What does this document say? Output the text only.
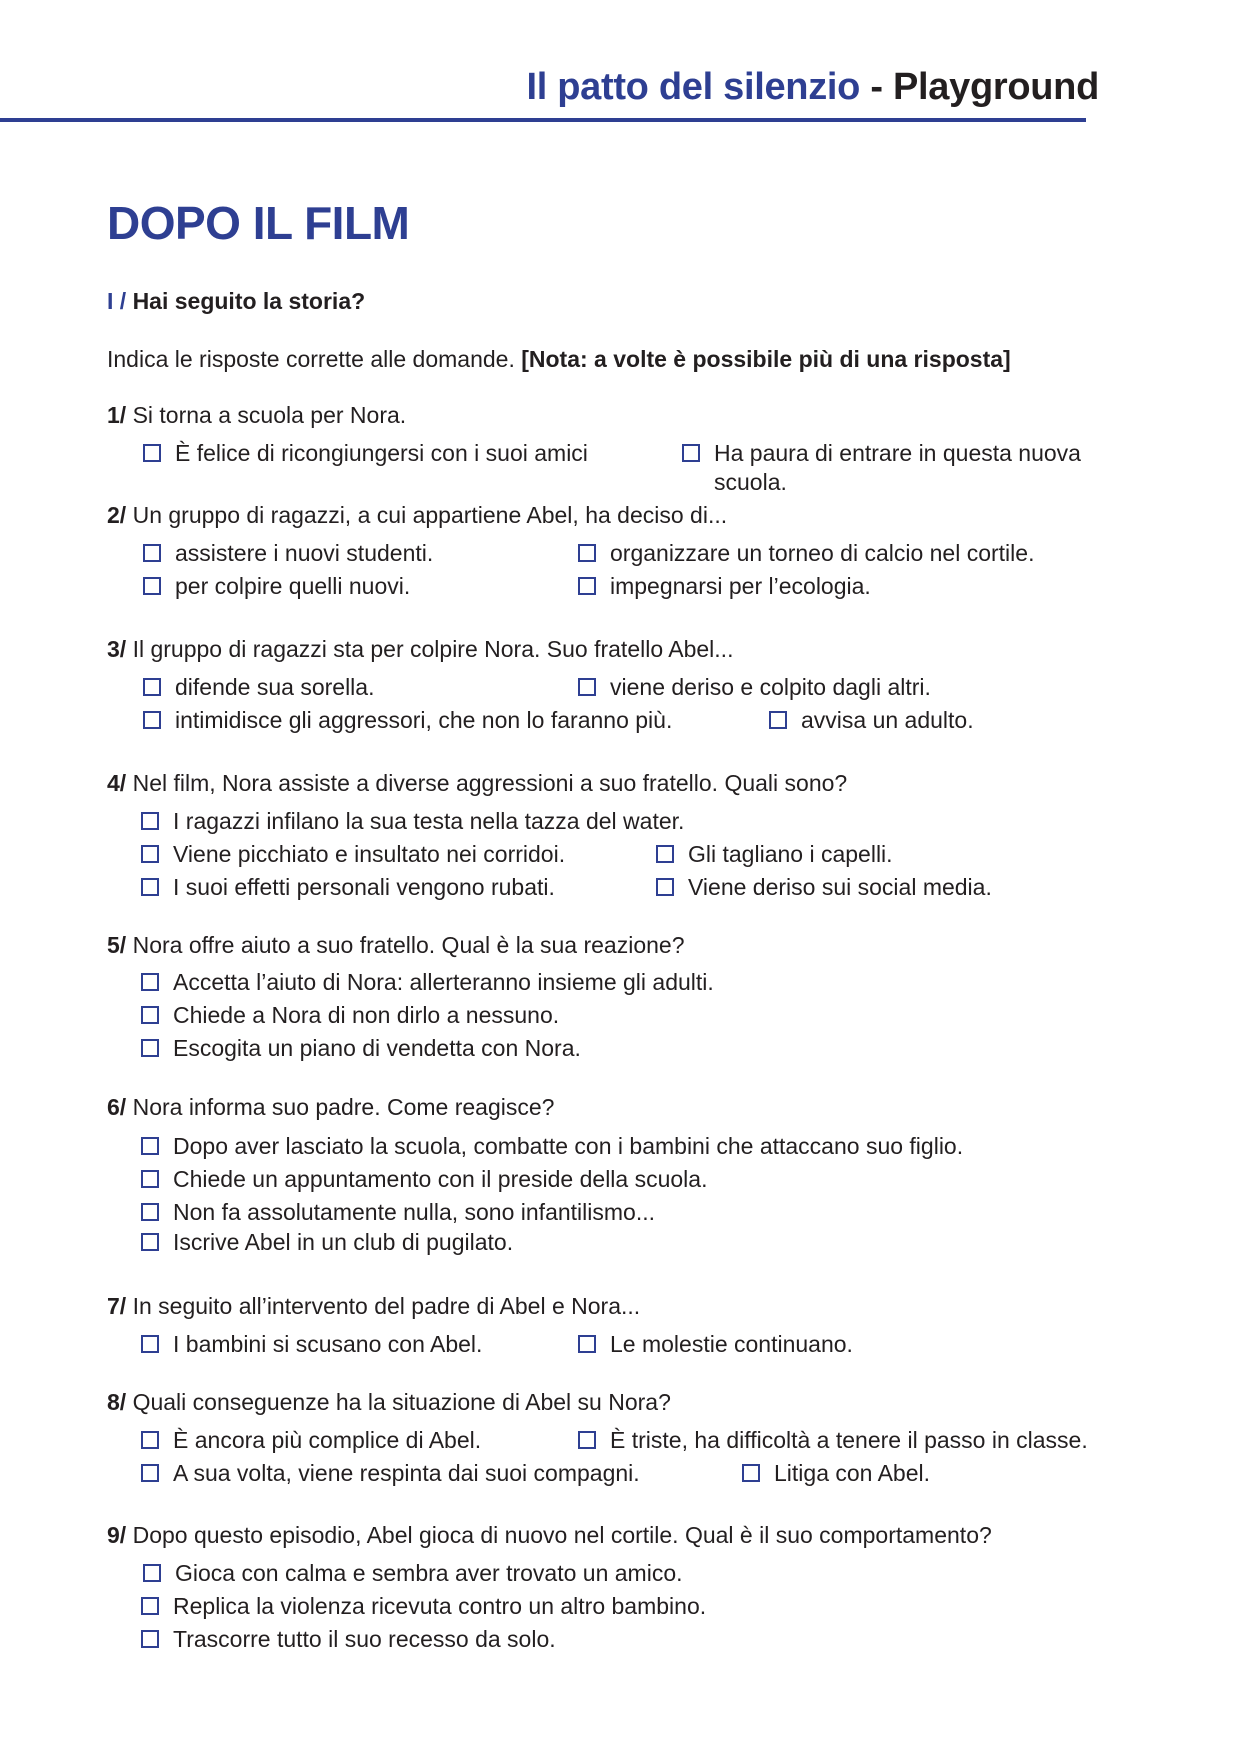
Il patto del silenzio - Playground
DOPO IL FILM
I / Hai seguito la storia?
Indica le risposte corrette alle domande. [Nota: a volte è possibile più di una risposta]
1/ Si torna a scuola per Nora.
È felice di ricongiungersi con i suoi amici	Ha paura di entrare in questa nuova scuola.
2/ Un gruppo di ragazzi, a cui appartiene Abel, ha deciso di...
assistere i nuovi studenti.	organizzare un torneo di calcio nel cortile.
per colpire quelli nuovi.	impegnarsi per l’ecologia.
3/ Il gruppo di ragazzi sta per colpire Nora. Suo fratello Abel...
difende sua sorella.	viene deriso e colpito dagli altri.
intimidisce gli aggressori, che non lo faranno più.	avvisa un adulto.
4/ Nel film, Nora assiste a diverse aggressioni a suo fratello. Quali sono?
I ragazzi infilano la sua testa nella tazza del water.
Viene picchiato e insultato nei corridoi.	Gli tagliano i capelli.
I suoi effetti personali vengono rubati.	Viene deriso sui social media.
5/ Nora offre aiuto a suo fratello. Qual è la sua reazione?
Accetta l’aiuto di Nora: allerteranno insieme gli adulti.
Chiede a Nora di non dirlo a nessuno.
Escogita un piano di vendetta con Nora.
6/ Nora informa suo padre. Come reagisce?
Dopo aver lasciato la scuola, combatte con i bambini che attaccano suo figlio.
Chiede un appuntamento con il preside della scuola.
Non fa assolutamente nulla, sono infantilismo...
Iscrive Abel in un club di pugilato.
7/ In seguito all’intervento del padre di Abel e Nora...
I bambini si scusano con Abel.	Le molestie continuano.
8/ Quali conseguenze ha la situazione di Abel su Nora?
È ancora più complice di Abel.	È triste, ha difficoltà a tenere il passo in classe.
A sua volta, viene respinta dai suoi compagni.	Litiga con Abel.
9/ Dopo questo episodio, Abel gioca di nuovo nel cortile. Qual è il suo comportamento?
Gioca con calma e sembra aver trovato un amico.
Replica la violenza ricevuta contro un altro bambino.
Trascorre tutto il suo recesso da solo.
